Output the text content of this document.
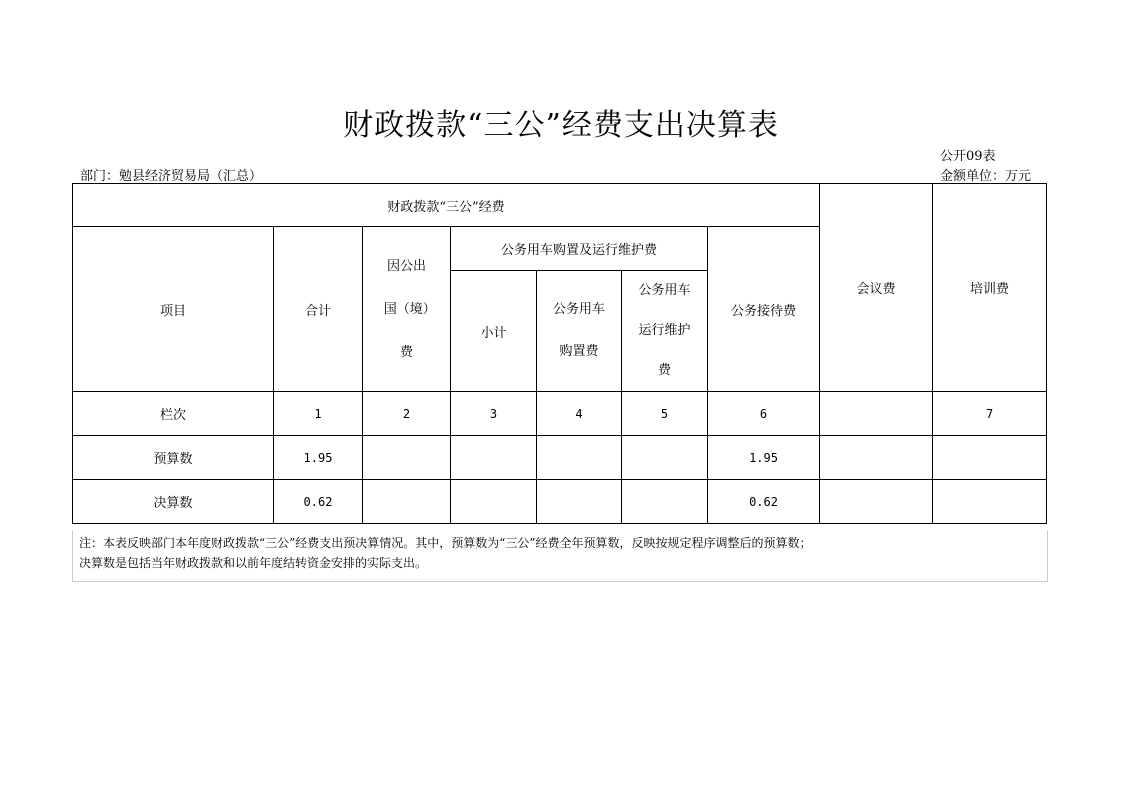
财政拨款“三公”经费支出决算表
公开09表
部门：勉县经济贸易局（汇总）	金额单位：万元
财政拨款“三公”经费							会议费	培训费
项目	合计	因公出国（境）费	公务用车购置及运行维护费			公务接待费		
			小计	公务用车购置费	公务用车运行维护费			
栏次	1	2	3	4	5	6		7
预算数	1.95					1.95		
决算数	0.62					0.62		
注：本表反映部门本年度财政拨款“三公”经费支出预决算情况。其中，预算数为“三公”经费全年预算数，反映按规定程序调整后的预算数；
决算数是包括当年财政拨款和以前年度结转资金安排的实际支出。
